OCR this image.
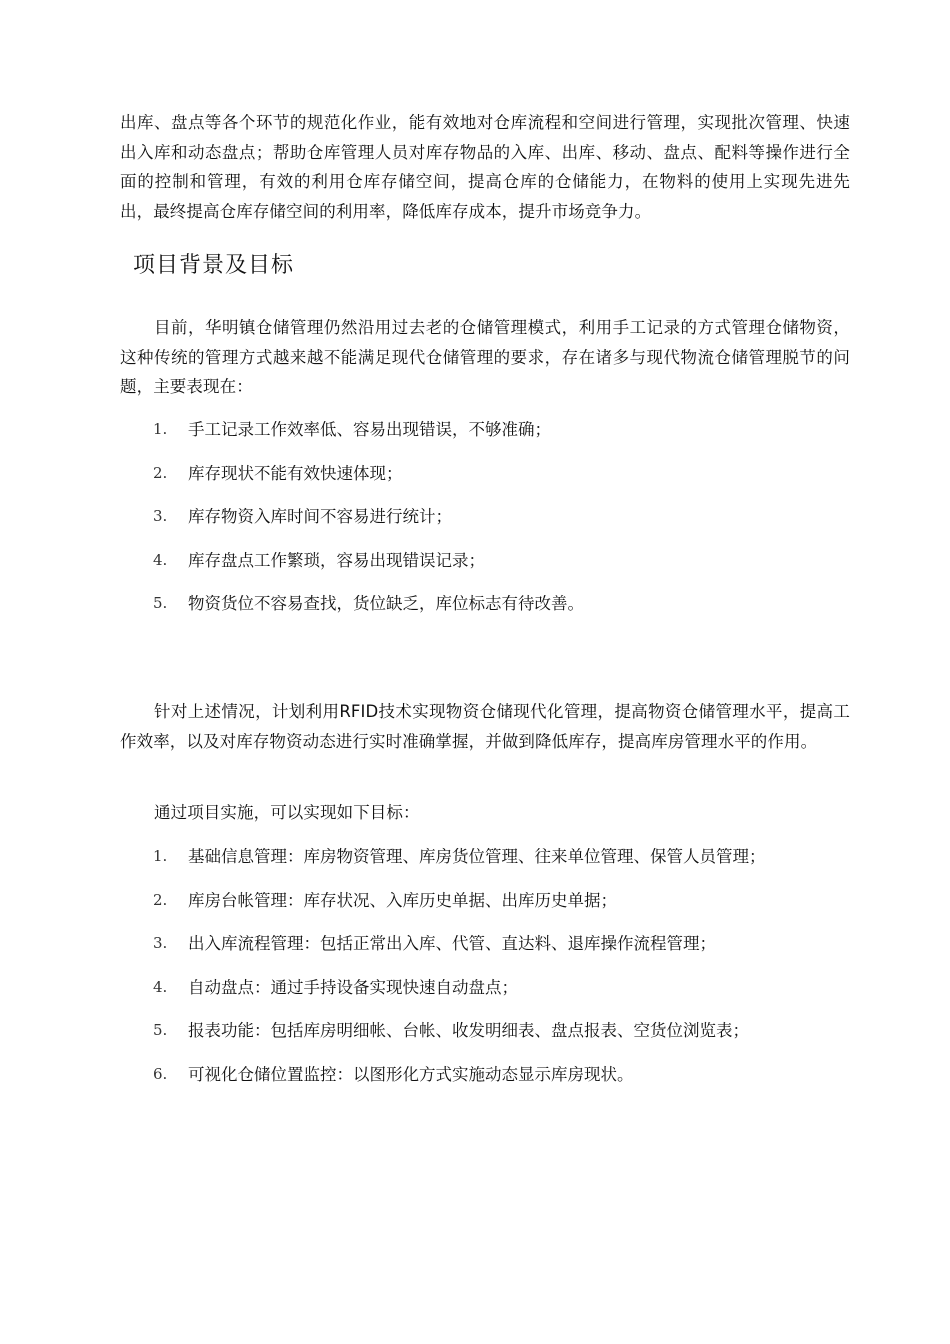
出库、盘点等各个环节的规范化作业，能有效地对仓库流程和空间进行管理，实现批次管理、快速出入库和动态盘点；帮助仓库管理人员对库存物品的入库、出库、移动、盘点、配料等操作进行全面的控制和管理，有效的利用仓库存储空间，提高仓库的仓储能力，在物料的使用上实现先进先出，最终提高仓库存储空间的利用率，降低库存成本，提升市场竞争力。

项目背景及目标

目前，华明镇仓储管理仍然沿用过去老的仓储管理模式，利用手工记录的方式管理仓储物资，这种传统的管理方式越来越不能满足现代仓储管理的要求，存在诸多与现代物流仓储管理脱节的问题，主要表现在：

1. 手工记录工作效率低、容易出现错误，不够准确；
2. 库存现状不能有效快速体现；
3. 库存物资入库时间不容易进行统计；
4. 库存盘点工作繁琐，容易出现错误记录；
5. 物资货位不容易查找，货位缺乏，库位标志有待改善。

针对上述情况，计划利用RFID技术实现物资仓储现代化管理，提高物资仓储管理水平，提高工作效率，以及对库存物资动态进行实时准确掌握，并做到降低库存，提高库房管理水平的作用。

通过项目实施，可以实现如下目标：

1. 基础信息管理：库房物资管理、库房货位管理、往来单位管理、保管人员管理；
2. 库房台帐管理：库存状况、入库历史单据、出库历史单据；
3. 出入库流程管理：包括正常出入库、代管、直达料、退库操作流程管理；
4. 自动盘点：通过手持设备实现快速自动盘点；
5. 报表功能：包括库房明细帐、台帐、收发明细表、盘点报表、空货位浏览表；
6. 可视化仓储位置监控：以图形化方式实施动态显示库房现状。
